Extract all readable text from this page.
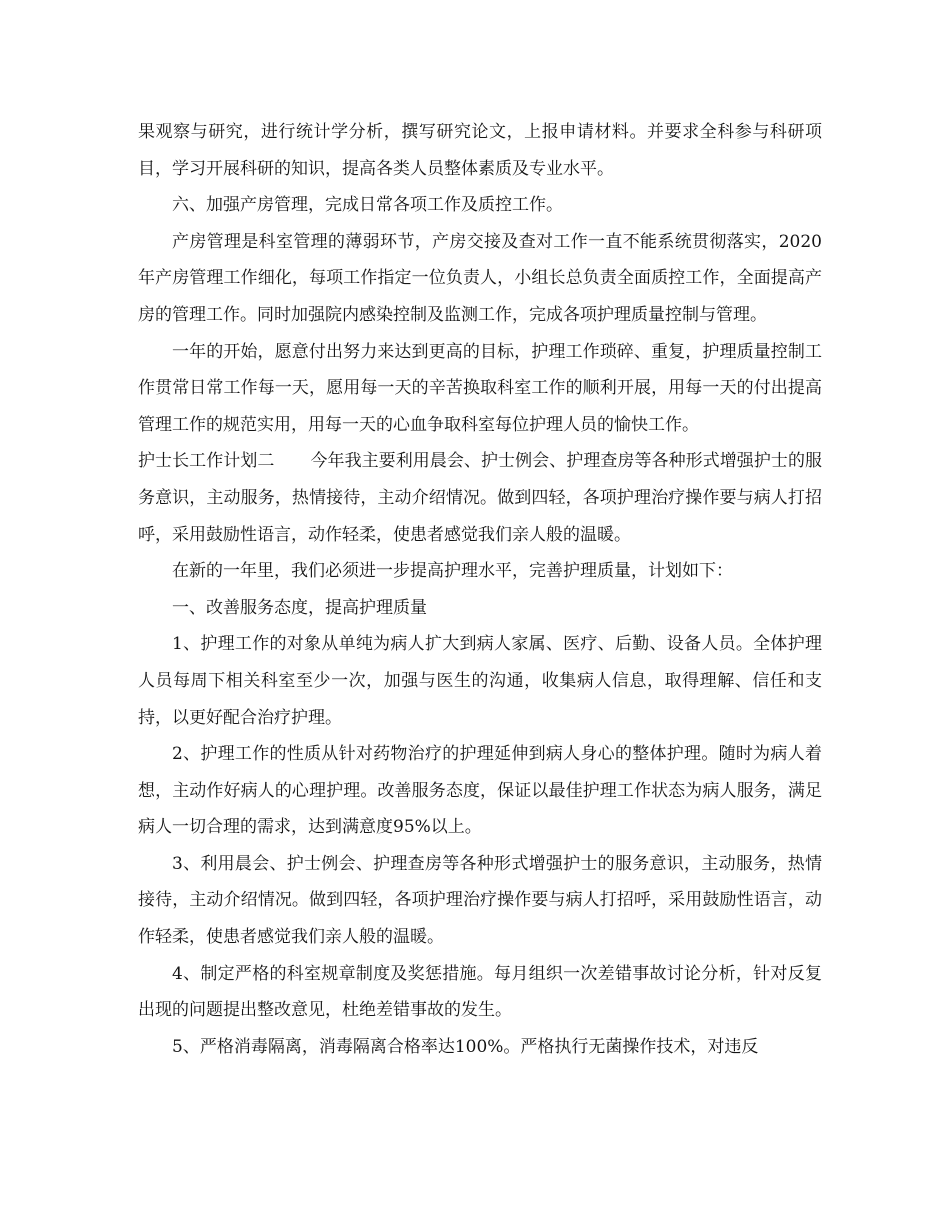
果观察与研究，进行统计学分析，撰写研究论文，上报申请材料。并要求全科参与科研项目，学习开展科研的知识，提高各类人员整体素质及专业水平。

六、加强产房管理，完成日常各项工作及质控工作。

产房管理是科室管理的薄弱环节，产房交接及查对工作一直不能系统贯彻落实，2020年产房管理工作细化，每项工作指定一位负责人，小组长总负责全面质控工作，全面提高产房的管理工作。同时加强院内感染控制及监测工作，完成各项护理质量控制与管理。

一年的开始，愿意付出努力来达到更高的目标，护理工作琐碎、重复，护理质量控制工作贯常日常工作每一天，愿用每一天的辛苦换取科室工作的顺利开展，用每一天的付出提高管理工作的规范实用，用每一天的心血争取科室每位护理人员的愉快工作。

护士长工作计划二 今年我主要利用晨会、护士例会、护理查房等各种形式增强护士的服务意识，主动服务，热情接待，主动介绍情况。做到四轻，各项护理治疗操作要与病人打招呼，采用鼓励性语言，动作轻柔，使患者感觉我们亲人般的温暖。

在新的一年里，我们必须进一步提高护理水平，完善护理质量，计划如下：

一、改善服务态度，提高护理质量

1、护理工作的对象从单纯为病人扩大到病人家属、医疗、后勤、设备人员。全体护理人员每周下相关科室至少一次，加强与医生的沟通，收集病人信息，取得理解、信任和支持，以更好配合治疗护理。

2、护理工作的性质从针对药物治疗的护理延伸到病人身心的整体护理。随时为病人着想，主动作好病人的心理护理。改善服务态度，保证以最佳护理工作状态为病人服务，满足病人一切合理的需求，达到满意度95%以上。

3、利用晨会、护士例会、护理查房等各种形式增强护士的服务意识，主动服务，热情接待，主动介绍情况。做到四轻，各项护理治疗操作要与病人打招呼，采用鼓励性语言，动作轻柔，使患者感觉我们亲人般的温暖。

4、制定严格的科室规章制度及奖惩措施。每月组织一次差错事故讨论分析，针对反复出现的问题提出整改意见，杜绝差错事故的发生。

5、严格消毒隔离，消毒隔离合格率达100%。严格执行无菌操作技术，对违反
